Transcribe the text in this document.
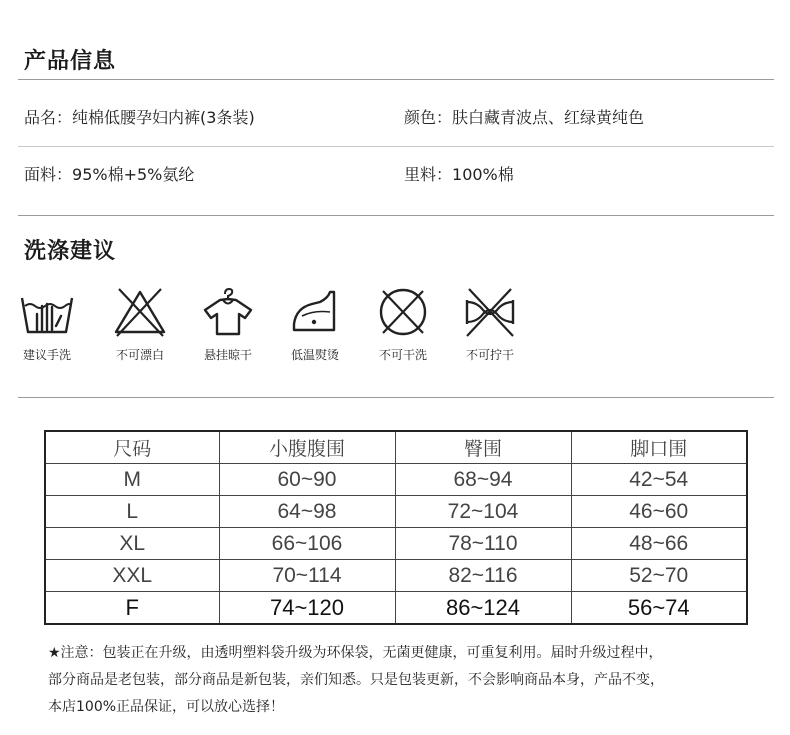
产品信息
品名：纯棉低腰孕妇内裤(3条装)	颜色：肤白藏青波点、红绿黄纯色
面料：95%棉+5%氨纶	里料：100%棉
洗涤建议
建议手洗	不可漂白	悬挂晾干	低温熨烫	不可干洗	不可拧干
尺码	小腹腹围	臀围	脚口围
M	60~90	68~94	42~54
L	64~98	72~104	46~60
XL	66~106	78~110	48~66
XXL	70~114	82~116	52~70
F	74~120	86~124	56~74
★注意：包装正在升级，由透明塑料袋升级为环保袋，无菌更健康，可重复利用。届时升级过程中，
部分商品是老包装，部分商品是新包装，亲们知悉。只是包装更新，不会影响商品本身，产品不变，
本店100%正品保证，可以放心选择！
